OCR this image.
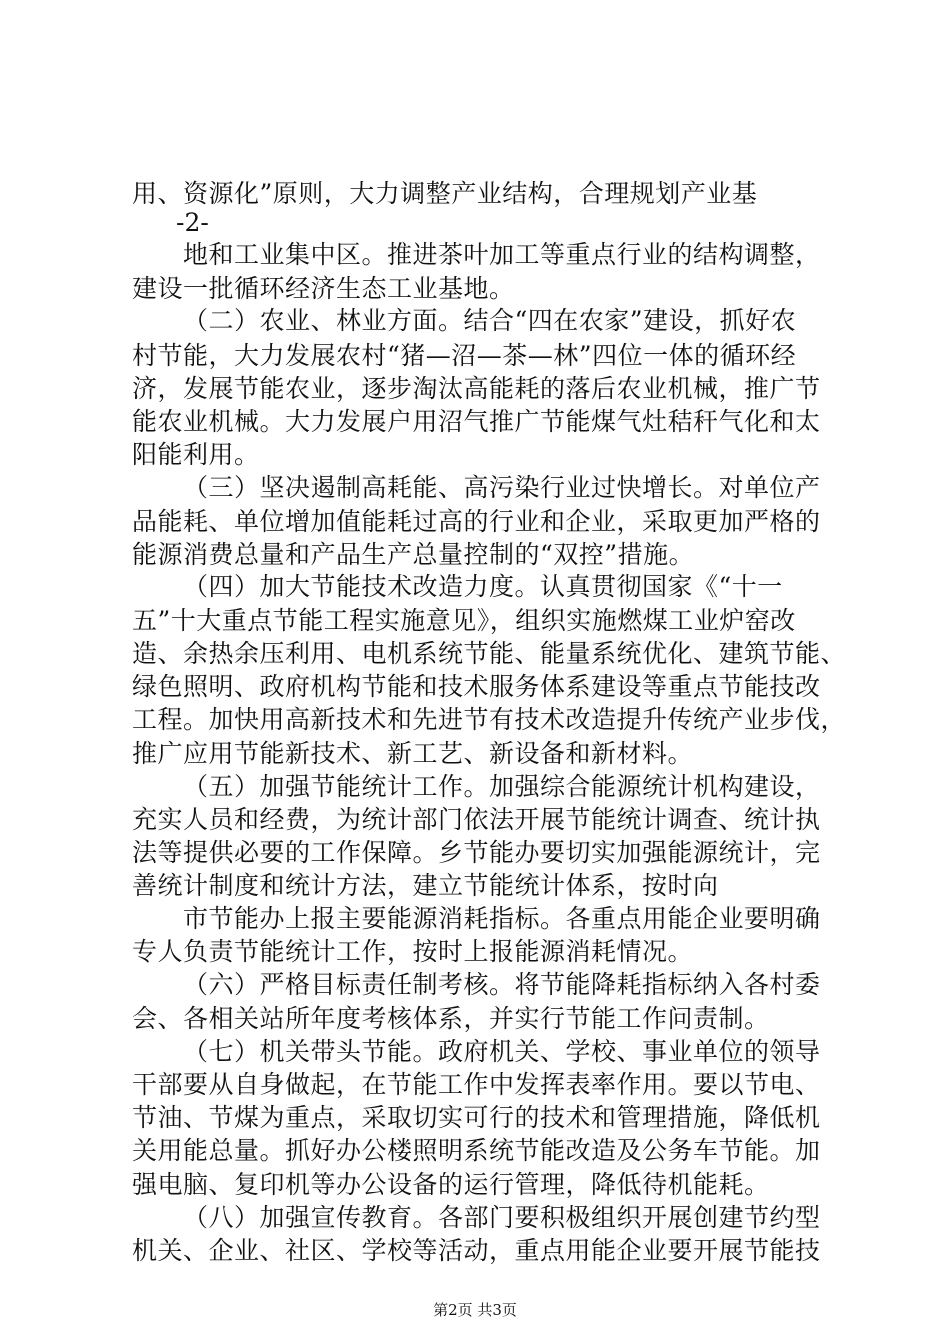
用、资源化”原则，大力调整产业结构，合理规划产业基
-2-
地和工业集中区。推进茶叶加工等重点行业的结构调整，
建设一批循环经济生态工业基地。
（二）农业、林业方面。结合“四在农家”建设，抓好农
村节能，大力发展农村“猪—沼—茶—林”四位一体的循环经
济，发展节能农业，逐步淘汰高能耗的落后农业机械，推广节
能农业机械。大力发展户用沼气推广节能煤气灶秸秆气化和太
阳能利用。
（三）坚决遏制高耗能、高污染行业过快增长。对单位产
品能耗、单位增加值能耗过高的行业和企业，采取更加严格的
能源消费总量和产品生产总量控制的“双控”措施。
（四）加大节能技术改造力度。认真贯彻国家《“十一
五”十大重点节能工程实施意见》，组织实施燃煤工业炉窑改
造、余热余压利用、电机系统节能、能量系统优化、建筑节能、
绿色照明、政府机构节能和技术服务体系建设等重点节能技改
工程。加快用高新技术和先进节有技术改造提升传统产业步伐，
推广应用节能新技术、新工艺、新设备和新材料。
（五）加强节能统计工作。加强综合能源统计机构建设，
充实人员和经费，为统计部门依法开展节能统计调查、统计执
法等提供必要的工作保障。乡节能办要切实加强能源统计，完
善统计制度和统计方法，建立节能统计体系，按时向
市节能办上报主要能源消耗指标。各重点用能企业要明确
专人负责节能统计工作，按时上报能源消耗情况。
（六）严格目标责任制考核。将节能降耗指标纳入各村委
会、各相关站所年度考核体系，并实行节能工作问责制。
（七）机关带头节能。政府机关、学校、事业单位的领导
干部要从自身做起，在节能工作中发挥表率作用。要以节电、
节油、节煤为重点，采取切实可行的技术和管理措施，降低机
关用能总量。抓好办公楼照明系统节能改造及公务车节能。加
强电脑、复印机等办公设备的运行管理，降低待机能耗。
（八）加强宣传教育。各部门要积极组织开展创建节约型
机关、企业、社区、学校等活动，重点用能企业要开展节能技
第2页 共3页
